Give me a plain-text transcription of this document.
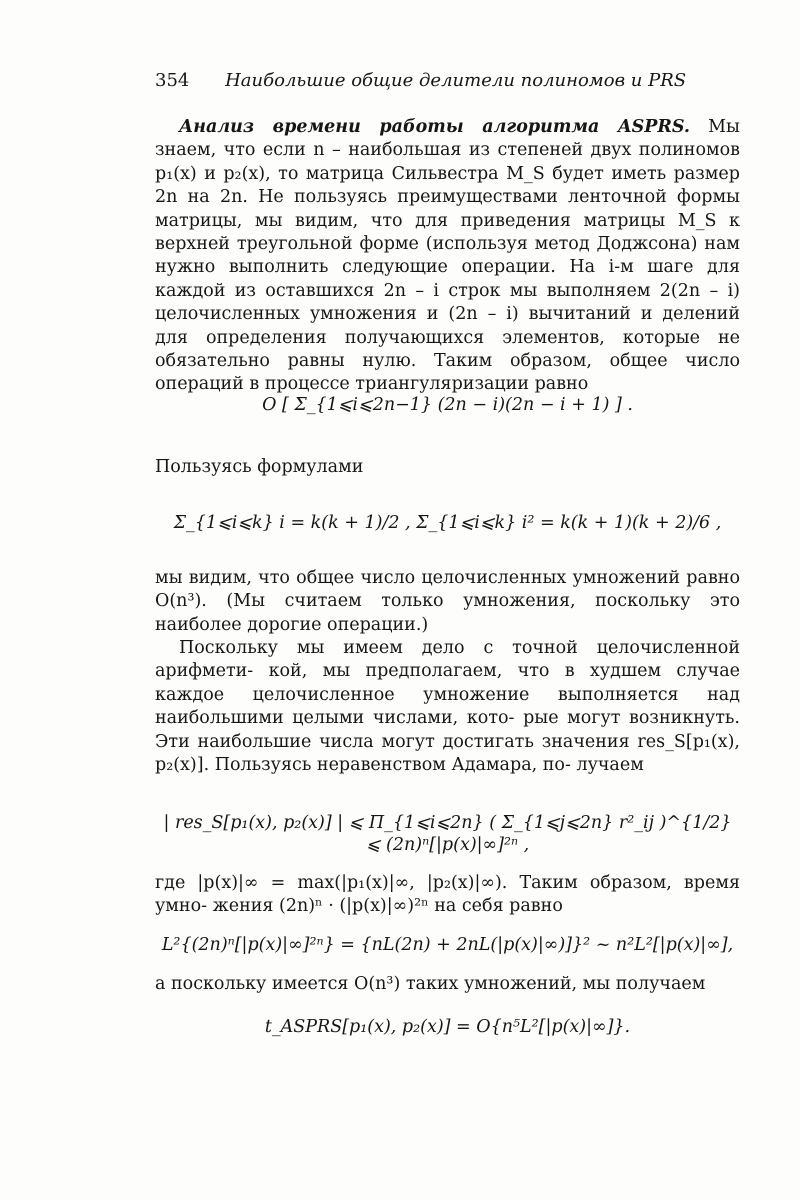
354 Наибольшие общие делители полиномов и PRS
Анализ времени работы алгоритма ASPRS. Мы знаем, что если n – наибольшая из степеней двух полиномов p₁(x) и p₂(x), то матрица Сильвестра M_S будет иметь размер 2n на 2n. Не пользуясь преимуществами ленточной формы матрицы, мы видим, что для приведения матрицы M_S к верхней треугольной форме (используя метод Доджсона) нам нужно выполнить следующие операции. На i-м шаге для каждой из оставшихся 2n – i строк мы выполняем 2(2n – i) целочисленных умножения и (2n – i) вычитаний и делений для определения получающихся элементов, которые не обязательно равны нулю. Таким образом, общее число операций в процессе триангуляризации равно
O [ Σ_{1⩽i⩽2n−1} (2n − i)(2n − i + 1) ] .
Пользуясь формулами
Σ_{1⩽i⩽k} i = k(k + 1)/2 , Σ_{1⩽i⩽k} i² = k(k + 1)(k + 2)/6 ,
мы видим, что общее число целочисленных умножений равно O(n³). (Мы считаем только умножения, поскольку это наиболее дорогие операции.)
Поскольку мы имеем дело с точной целочисленной арифмети- кой, мы предполагаем, что в худшем случае каждое целочисленное умножение выполняется над наибольшими целыми числами, кото- рые могут возникнуть. Эти наибольшие числа могут достигать значения res_S[p₁(x), p₂(x)]. Пользуясь неравенством Адамара, по- лучаем
| res_S[p₁(x), p₂(x)] | ⩽ Π_{1⩽i⩽2n} ( Σ_{1⩽j⩽2n} r²_ij )^{1/2} ⩽ (2n)ⁿ[|p(x)|∞]²ⁿ ,
где |p(x)|∞ = max(|p₁(x)|∞, |p₂(x)|∞). Таким образом, время умно- жения (2n)ⁿ · (|p(x)|∞)²ⁿ на себя равно
L²{(2n)ⁿ[|p(x)|∞]²ⁿ} = {nL(2n) + 2nL(|p(x)|∞)]}² ~ n²L²[|p(x)|∞],
а поскольку имеется O(n³) таких умножений, мы получаем
t_ASPRS[p₁(x), p₂(x)] = O{n⁵L²[|p(x)|∞]}.
